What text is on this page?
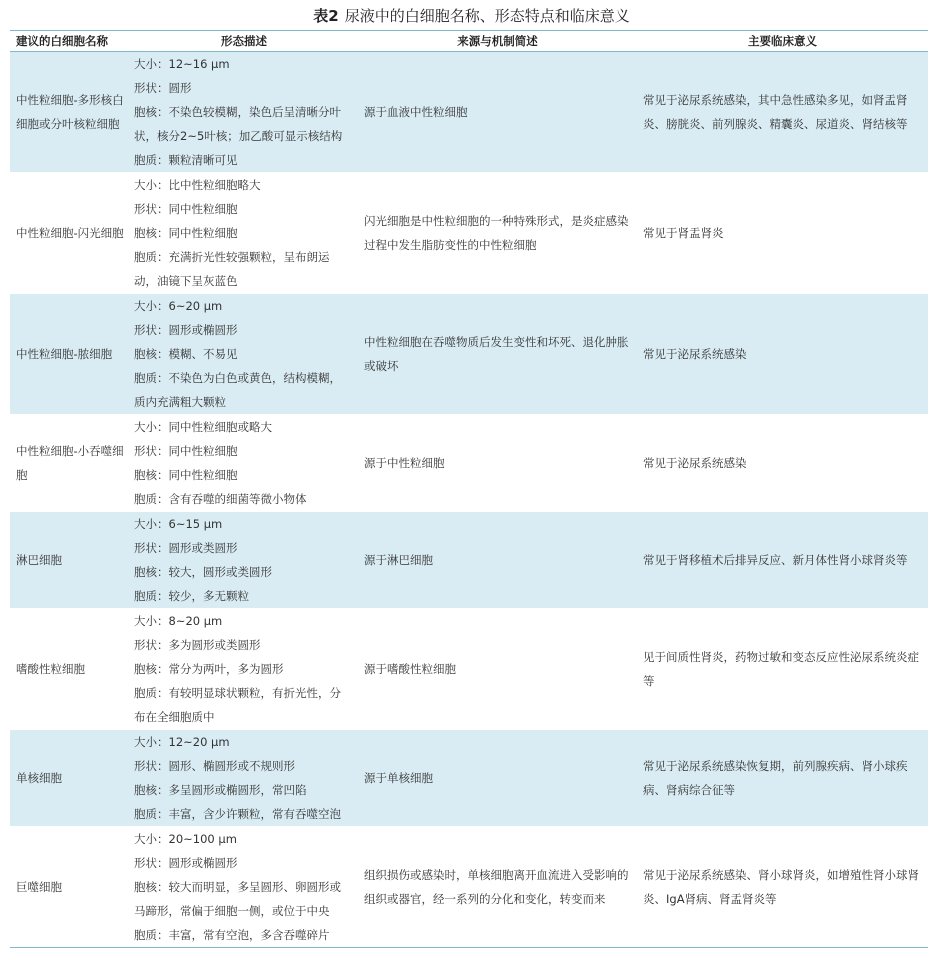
表2 尿液中的白细胞名称、形态特点和临床意义
建议的白细胞名称	形态描述	来源与机制简述	主要临床意义

中性粒细胞-多形核白细胞或分叶核粒细胞	大小：12~16 μm
形状：圆形
胞核：不染色较模糊，染色后呈清晰分叶状，核分2~5叶核；加乙酸可显示核结构
胞质：颗粒清晰可见	源于血液中性粒细胞	常见于泌尿系统感染，其中急性感染多见，如肾盂肾炎、膀胱炎、前列腺炎、精囊炎、尿道炎、肾结核等

中性粒细胞-闪光细胞	大小：比中性粒细胞略大
形状：同中性粒细胞
胞核：同中性粒细胞
胞质：充满折光性较强颗粒，呈布朗运动，油镜下呈灰蓝色	闪光细胞是中性粒细胞的一种特殊形式，是炎症感染过程中发生脂肪变性的中性粒细胞	常见于肾盂肾炎

中性粒细胞-脓细胞	大小：6~20 μm
形状：圆形或椭圆形
胞核：模糊、不易见
胞质：不染色为白色或黄色，结构模糊，质内充满粗大颗粒	中性粒细胞在吞噬物质后发生变性和坏死、退化肿胀或破坏	常见于泌尿系统感染

中性粒细胞-小吞噬细胞	大小：同中性粒细胞或略大
形状：同中性粒细胞
胞核：同中性粒细胞
胞质：含有吞噬的细菌等微小物体	源于中性粒细胞	常见于泌尿系统感染

淋巴细胞	大小：6~15 μm
形状：圆形或类圆形
胞核：较大，圆形或类圆形
胞质：较少，多无颗粒	源于淋巴细胞	常见于肾移植术后排异反应、新月体性肾小球肾炎等

嗜酸性粒细胞	大小：8~20 μm
形状：多为圆形或类圆形
胞核：常分为两叶，多为圆形
胞质：有较明显球状颗粒，有折光性，分布在全细胞质中	源于嗜酸性粒细胞	见于间质性肾炎，药物过敏和变态反应性泌尿系统炎症等

单核细胞	大小：12~20 μm
形状：圆形、椭圆形或不规则形
胞核：多呈圆形或椭圆形，常凹陷
胞质：丰富，含少许颗粒，常有吞噬空泡	源于单核细胞	常见于泌尿系统感染恢复期，前列腺疾病、肾小球疾病、肾病综合征等

巨噬细胞	大小：20~100 μm
形状：圆形或椭圆形
胞核：较大而明显，多呈圆形、卵圆形或马蹄形，常偏于细胞一侧，或位于中央
胞质：丰富，常有空泡，多含吞噬碎片	组织损伤或感染时，单核细胞离开血流进入受影响的组织或器官，经一系列的分化和变化，转变而来	常见于泌尿系统感染、肾小球肾炎，如增殖性肾小球肾炎、IgA肾病、肾盂肾炎等
